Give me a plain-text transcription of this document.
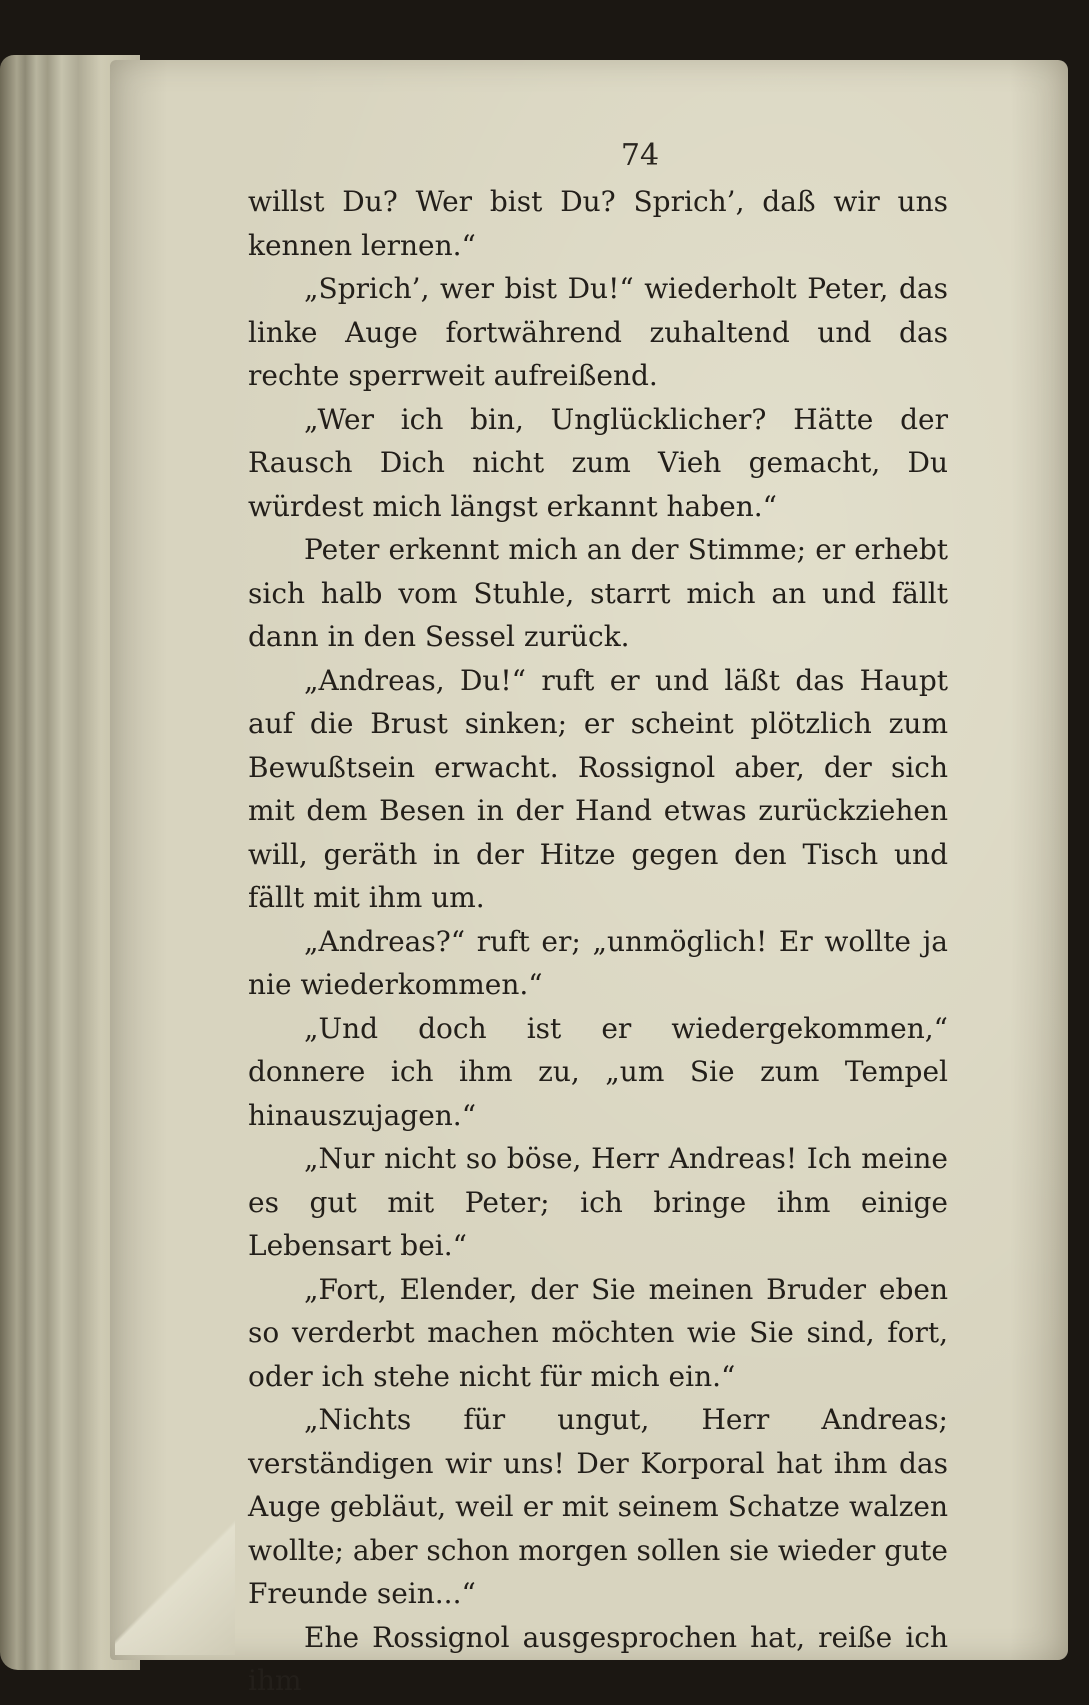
74

willst Du? Wer bist Du? Sprich’, daß wir uns kennen lernen.“

„Sprich’, wer bist Du!“ wiederholt Peter, das linke Auge fortwährend zuhaltend und das rechte sperrweit aufreißend.

„Wer ich bin, Unglücklicher? Hätte der Rausch Dich nicht zum Vieh gemacht, Du würdest mich längst erkannt haben.“

Peter erkennt mich an der Stimme; er erhebt sich halb vom Stuhle, starrt mich an und fällt dann in den Sessel zurück.

„Andreas, Du!“ ruft er und läßt das Haupt auf die Brust sinken; er scheint plötzlich zum Bewußtsein erwacht. Rossignol aber, der sich mit dem Besen in der Hand etwas zurückziehen will, geräth in der Hitze gegen den Tisch und fällt mit ihm um.

„Andreas?“ ruft er; „unmöglich! Er wollte ja nie wiederkommen.“

„Und doch ist er wiedergekommen,“ donnere ich ihm zu, „um Sie zum Tempel hinauszujagen.“

„Nur nicht so böse, Herr Andreas! Ich meine es gut mit Peter; ich bringe ihm einige Lebensart bei.“

„Fort, Elender, der Sie meinen Bruder eben so verderbt machen möchten wie Sie sind, fort, oder ich stehe nicht für mich ein.“

„Nichts für ungut, Herr Andreas; verständigen wir uns! Der Korporal hat ihm das Auge gebläut, weil er mit seinem Schatze walzen wollte; aber schon morgen sollen sie wieder gute Freunde sein...“

Ehe Rossignol ausgesprochen hat, reiße ich ihm
